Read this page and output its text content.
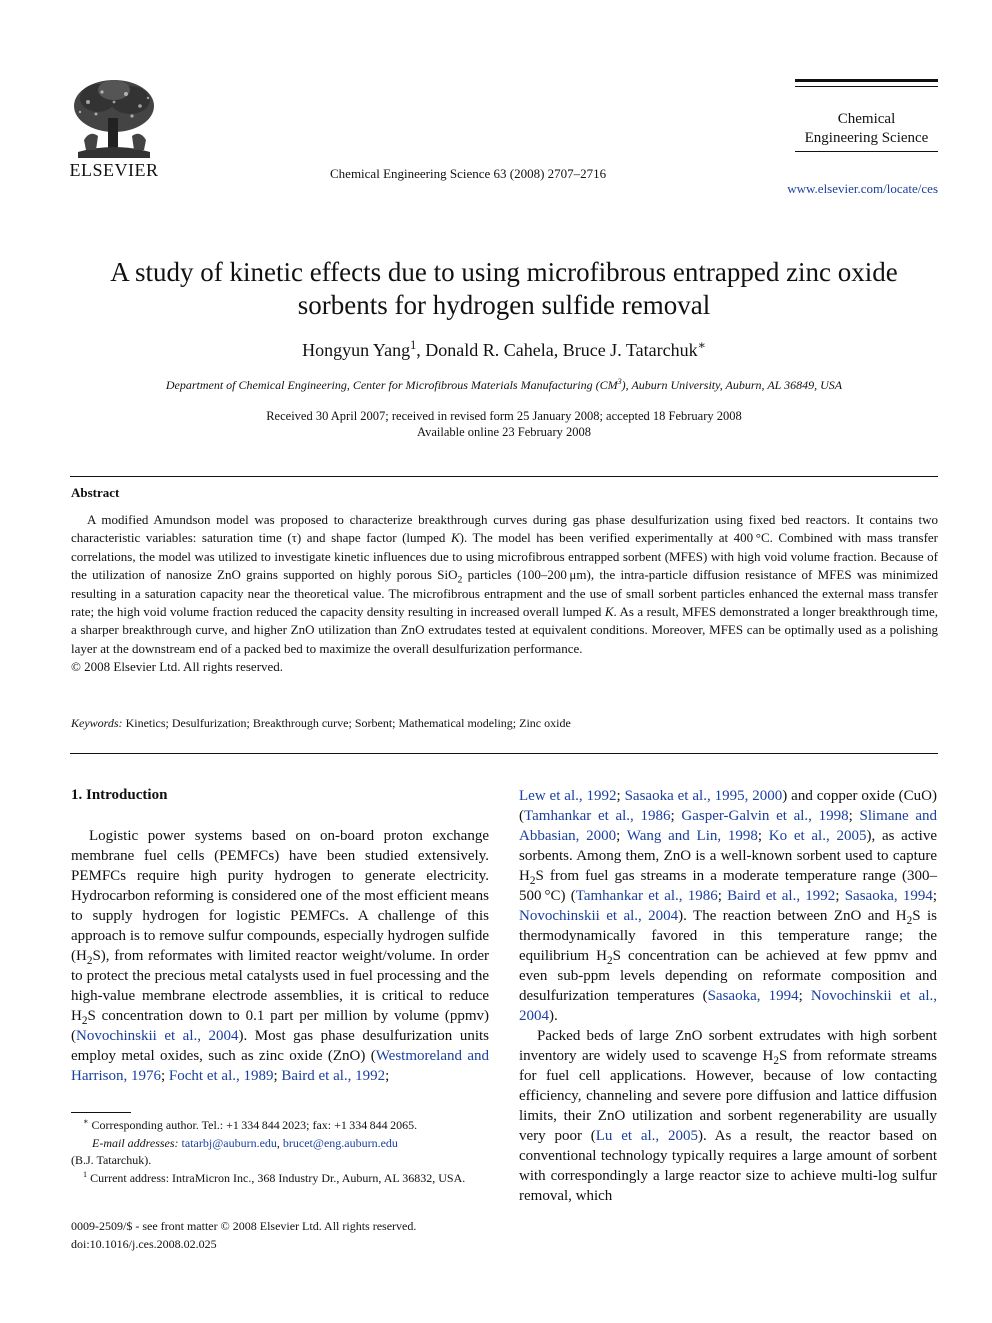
ELSEVIER	Chemical Engineering Science 63 (2008) 2707–2716
Chemical
Engineering Science
www.elsevier.com/locate/ces
A study of kinetic effects due to using microfibrous entrapped zinc oxide
sorbents for hydrogen sulfide removal
Hongyun Yang$^1$, Donald R. Cahela, Bruce J. Tatarchuk∗
Department of Chemical Engineering, Center for Microfibrous Materials Manufacturing $(CM^3)$, Auburn University, Auburn, AL 36849, USA
Received 30 April 2007; received in revised form 25 January 2008; accepted 18 February 2008
Available online 23 February 2008
Abstract

A modified Amundson model was proposed to characterize breakthrough curves during gas phase desulfurization using fixed bed reactors. It contains two characteristic variables: saturation time (τ) and shape factor (lumped K). The model has been verified experimentally at 400 °C. Combined with mass transfer correlations, the model was utilized to investigate kinetic influences due to using microfibrous entrapped sorbent (MFES) with high void volume fraction. Because of the utilization of nanosize ZnO grains supported on highly porous SiO$_2$ particles (100–200 μm), the intra-particle diffusion resistance of MFES was minimized resulting in a saturation capacity near the theoretical value. The microfibrous entrapment and the use of small sorbent particles enhanced the external mass transfer rate; the high void volume fraction reduced the capacity density resulting in increased overall lumped K. As a result, MFES demonstrated a longer breakthrough time, a sharper breakthrough curve, and higher ZnO utilization than ZnO extrudates tested at equivalent conditions. Moreover, MFES can be optimally used as a polishing layer at the downstream end of a packed bed to maximize the overall desulfurization performance.

© 2008 Elsevier Ltd. All rights reserved.

Keywords: Kinetics; Desulfurization; Breakthrough curve; Sorbent; Mathematical modeling; Zinc oxide
1. Introduction

Logistic power systems based on on-board proton exchange membrane fuel cells (PEMFCs) have been studied extensively. PEMFCs require high purity hydrogen to generate electricity. Hydrocarbon reforming is considered one of the most efficient means to supply hydrogen for logistic PEMFCs. A challenge of this approach is to remove sulfur compounds, especially hydrogen sulfide $(H_2S)$, from reformates with limited reactor weight/volume. In order to protect the precious metal catalysts used in fuel processing and the high-value membrane electrode assemblies, it is critical to reduce $H_2S$ concentration down to 0.1 part per million by volume (ppmv) (Novochinskii et al., 2004). Most gas phase desulfurization units employ metal oxides, such as zinc oxide (ZnO) (Westmoreland and Harrison, 1976; Focht et al., 1989; Baird et al., 1992;

Lew et al., 1992; Sasaoka et al., 1995, 2000) and copper oxide (CuO) (Tamhankar et al., 1986; Gasper-Galvin et al., 1998; Slimane and Abbasian, 2000; Wang and Lin, 1998; Ko et al., 2005), as active sorbents. Among them, ZnO is a well-known sorbent used to capture $H_2S$ from fuel gas streams in a moderate temperature range (300–500 °C) (Tamhankar et al., 1986; Baird et al., 1992; Sasaoka, 1994; Novochinskii et al., 2004). The reaction between ZnO and $H_2S$ is thermodynamically favored in this temperature range; the equilibrium $H_2S$ concentration can be achieved at few ppmv and even sub-ppm levels depending on reformate composition and desulfurization temperatures (Sasaoka, 1994; Novochinskii et al., 2004).

Packed beds of large ZnO sorbent extrudates with high sorbent inventory are widely used to scavenge $H_2S$ from reformate streams for fuel cell applications. However, because of low contacting efficiency, channeling and severe pore diffusion and lattice diffusion limits, their ZnO utilization and sorbent regenerability are usually very poor (Lu et al., 2005). As a result, the reactor based on conventional technology typically requires a large amount of sorbent with correspondingly a large reactor size to achieve multi-log sulfur removal, which

∗ Corresponding author. Tel.: +1 334 844 2023; fax: +1 334 844 2065.

E-mail addresses: tatarbj@auburn.edu, brucet@eng.auburn.edu

(B.J. Tatarchuk).

$^1$ Current address: IntraMicron Inc., 368 Industry Dr., Auburn, AL 36832, USA.

0009-2509/$ - see front matter © 2008 Elsevier Ltd. All rights reserved.
doi:10.1016/j.ces.2008.02.025
